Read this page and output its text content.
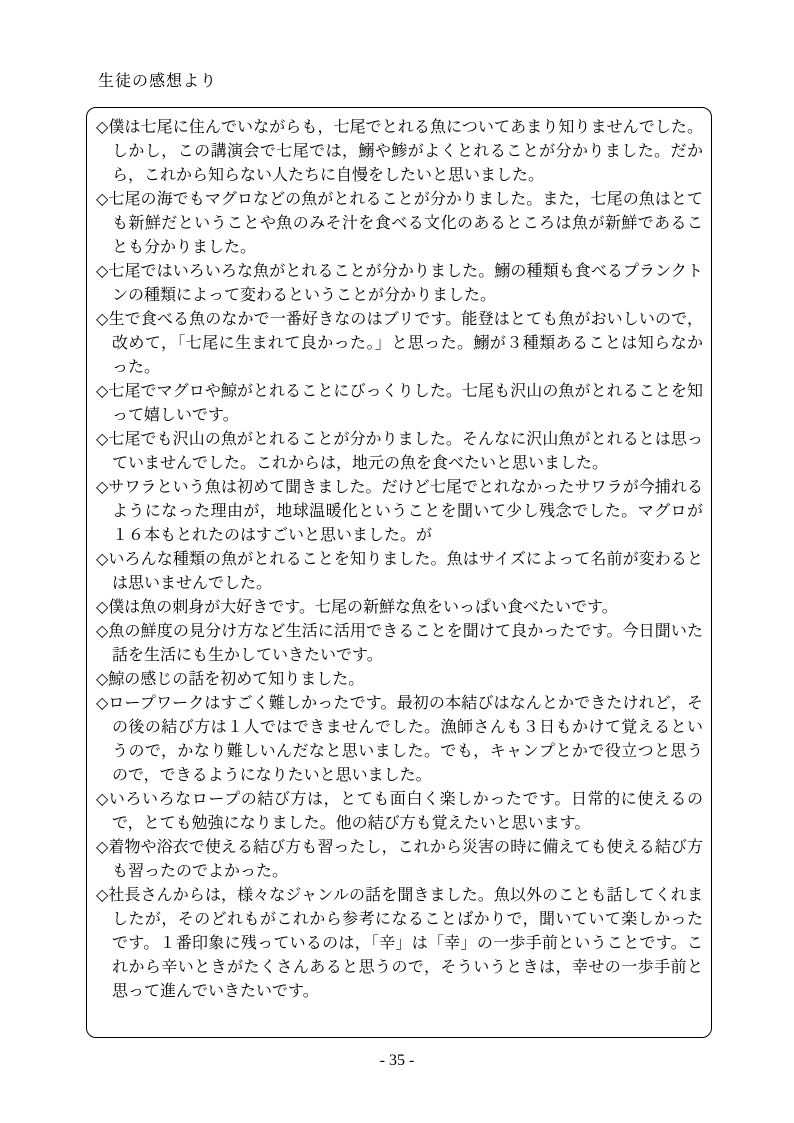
生徒の感想より

◇僕は七尾に住んでいながらも，七尾でとれる魚についてあまり知りませんでした。しかし，この講演会で七尾では，鰯や鯵がよくとれることが分かりました。だから，これから知らない人たちに自慢をしたいと思いました。

◇七尾の海でもマグロなどの魚がとれることが分かりました。また，七尾の魚はとても新鮮だということや魚のみそ汁を食べる文化のあるところは魚が新鮮であることも分かりました。

◇七尾ではいろいろな魚がとれることが分かりました。鰯の種類も食べるプランクトンの種類によって変わるということが分かりました。

◇生で食べる魚のなかで一番好きなのはブリです。能登はとても魚がおいしいので，改めて，「七尾に生まれて良かった。」と思った。鰯が３種類あることは知らなかった。

◇七尾でマグロや鯨がとれることにびっくりした。七尾も沢山の魚がとれることを知って嬉しいです。

◇七尾でも沢山の魚がとれることが分かりました。そんなに沢山魚がとれるとは思っていませんでした。これからは，地元の魚を食べたいと思いました。

◇サワラという魚は初めて聞きました。だけど七尾でとれなかったサワラが今捕れるようになった理由が，地球温暖化ということを聞いて少し残念でした。マグロが１６本もとれたのはすごいと思いました。が

◇いろんな種類の魚がとれることを知りました。魚はサイズによって名前が変わるとは思いませんでした。

◇僕は魚の刺身が大好きです。七尾の新鮮な魚をいっぱい食べたいです。

◇魚の鮮度の見分け方など生活に活用できることを聞けて良かったです。今日聞いた話を生活にも生かしていきたいです。

◇鯨の感じの話を初めて知りました。

◇ロープワークはすごく難しかったです。最初の本結びはなんとかできたけれど，その後の結び方は１人ではできませんでした。漁師さんも３日もかけて覚えるというので，かなり難しいんだなと思いました。でも，キャンプとかで役立つと思うので，できるようになりたいと思いました。

◇いろいろなロープの結び方は，とても面白く楽しかったです。日常的に使えるので，とても勉強になりました。他の結び方も覚えたいと思います。

◇着物や浴衣で使える結び方も習ったし，これから災害の時に備えても使える結び方も習ったのでよかった。

◇社長さんからは，様々なジャンルの話を聞きました。魚以外のことも話してくれましたが，そのどれもがこれから参考になることばかりで，聞いていて楽しかったです。１番印象に残っているのは，「辛」は「幸」の一歩手前ということです。これから辛いときがたくさんあると思うので，そういうときは，幸せの一歩手前と思って進んでいきたいです。

- 35 -
